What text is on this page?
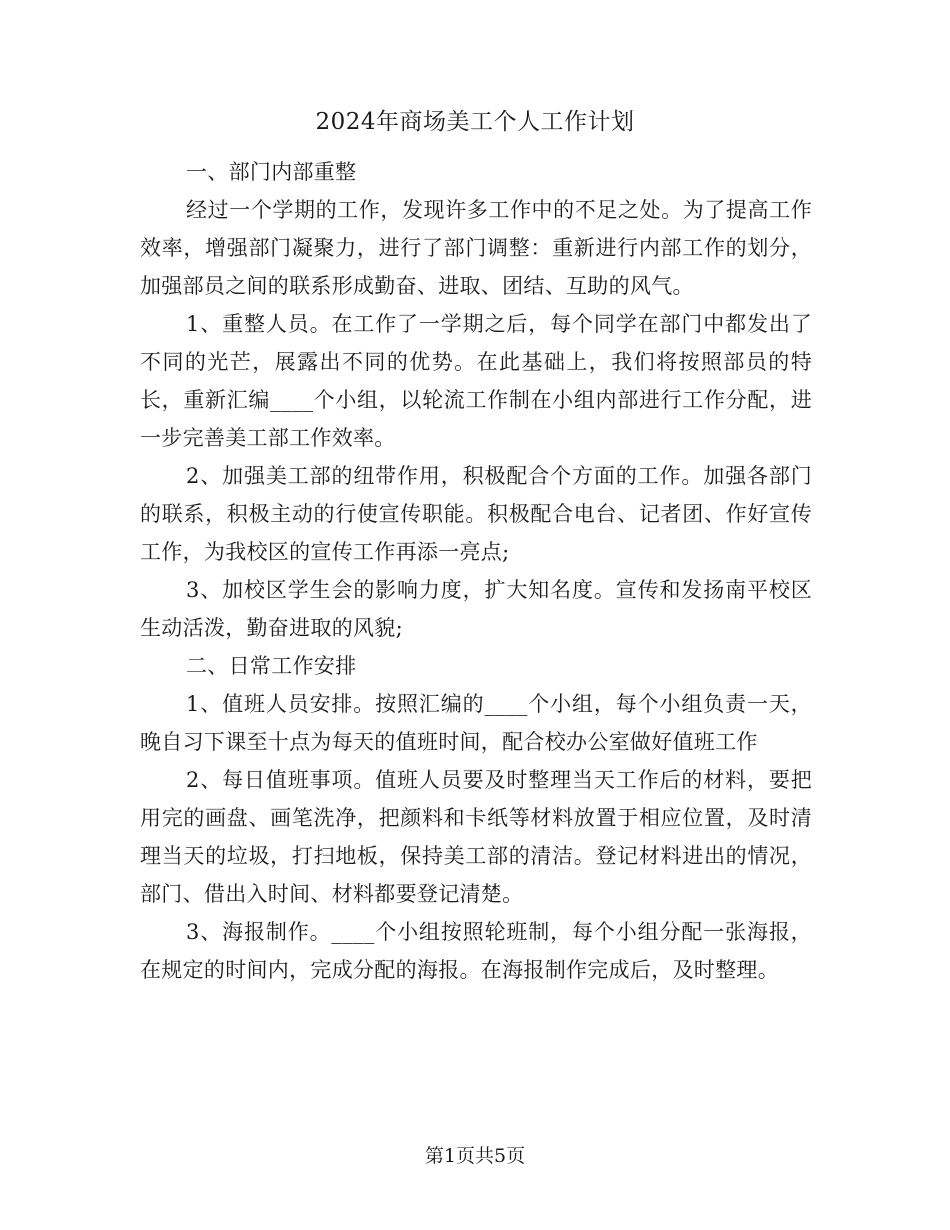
2024年商场美工个人工作计划

一、部门内部重整

经过一个学期的工作，发现许多工作中的不足之处。为了提高工作效率，增强部门凝聚力，进行了部门调整：重新进行内部工作的划分，加强部员之间的联系形成勤奋、进取、团结、互助的风气。

1、重整人员。在工作了一学期之后，每个同学在部门中都发出了不同的光芒，展露出不同的优势。在此基础上，我们将按照部员的特长，重新汇编____个小组，以轮流工作制在小组内部进行工作分配，进一步完善美工部工作效率。

2、加强美工部的纽带作用，积极配合个方面的工作。加强各部门的联系，积极主动的行使宣传职能。积极配合电台、记者团、作好宣传工作，为我校区的宣传工作再添一亮点;

3、加校区学生会的影响力度，扩大知名度。宣传和发扬南平校区生动活泼，勤奋进取的风貌;

二、日常工作安排

1、值班人员安排。按照汇编的____个小组，每个小组负责一天，晚自习下课至十点为每天的值班时间，配合校办公室做好值班工作

2、每日值班事项。值班人员要及时整理当天工作后的材料，要把用完的画盘、画笔洗净，把颜料和卡纸等材料放置于相应位置，及时清理当天的垃圾，打扫地板，保持美工部的清洁。登记材料进出的情况，部门、借出入时间、材料都要登记清楚。

3、海报制作。____个小组按照轮班制，每个小组分配一张海报，在规定的时间内，完成分配的海报。在海报制作完成后，及时整理。

第1页共5页
